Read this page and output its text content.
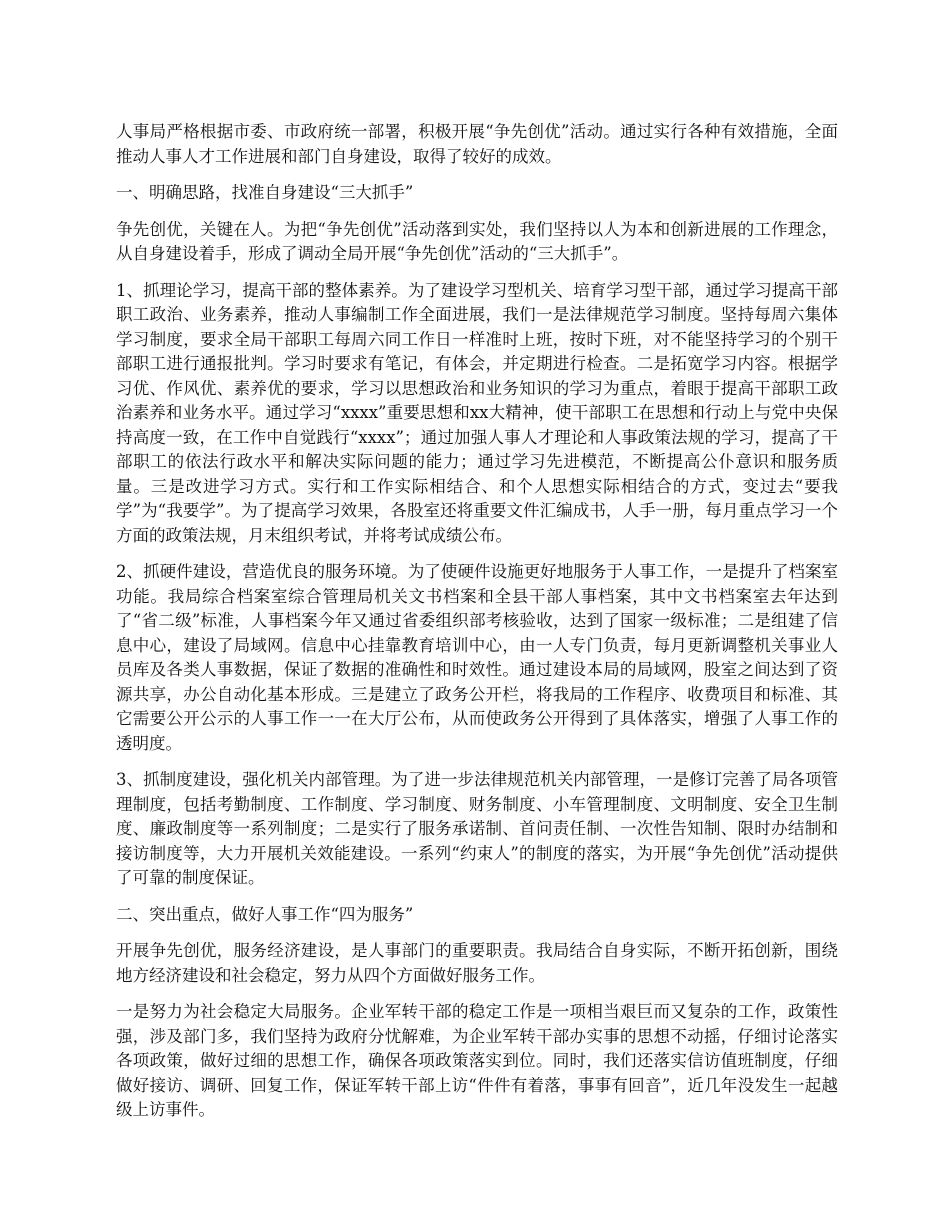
人事局严格根据市委、市政府统一部署，积极开展“争先创优”活动。通过实行各种有效措施，全面推动人事人才工作进展和部门自身建设，取得了较好的成效。

一、明确思路，找准自身建设“三大抓手”

争先创优，关键在人。为把“争先创优”活动落到实处，我们坚持以人为本和创新进展的工作理念，从自身建设着手，形成了调动全局开展“争先创优”活动的“三大抓手”。

1、抓理论学习，提高干部的整体素养。为了建设学习型机关、培育学习型干部，通过学习提高干部职工政治、业务素养，推动人事编制工作全面进展，我们一是法律规范学习制度。坚持每周六集体学习制度，要求全局干部职工每周六同工作日一样准时上班，按时下班，对不能坚持学习的个别干部职工进行通报批判。学习时要求有笔记，有体会，并定期进行检查。二是拓宽学习内容。根据学习优、作风优、素养优的要求，学习以思想政治和业务知识的学习为重点，着眼于提高干部职工政治素养和业务水平。通过学习“xxxx”重要思想和xx大精神，使干部职工在思想和行动上与党中央保持高度一致，在工作中自觉践行“xxxx”；通过加强人事人才理论和人事政策法规的学习，提高了干部职工的依法行政水平和解决实际问题的能力；通过学习先进模范，不断提高公仆意识和服务质量。三是改进学习方式。实行和工作实际相结合、和个人思想实际相结合的方式，变过去“要我学”为“我要学”。为了提高学习效果，各股室还将重要文件汇编成书，人手一册，每月重点学习一个方面的政策法规，月末组织考试，并将考试成绩公布。

2、抓硬件建设，营造优良的服务环境。为了使硬件设施更好地服务于人事工作，一是提升了档案室功能。我局综合档案室综合管理局机关文书档案和全县干部人事档案，其中文书档案室去年达到了“省二级”标准，人事档案今年又通过省委组织部考核验收，达到了国家一级标准；二是组建了信息中心，建设了局域网。信息中心挂靠教育培训中心，由一人专门负责，每月更新调整机关事业人员库及各类人事数据，保证了数据的准确性和时效性。通过建设本局的局域网，股室之间达到了资源共享，办公自动化基本形成。三是建立了政务公开栏，将我局的工作程序、收费项目和标准、其它需要公开公示的人事工作一一在大厅公布，从而使政务公开得到了具体落实，增强了人事工作的透明度。

3、抓制度建设，强化机关内部管理。为了进一步法律规范机关内部管理，一是修订完善了局各项管理制度，包括考勤制度、工作制度、学习制度、财务制度、小车管理制度、文明制度、安全卫生制度、廉政制度等一系列制度；二是实行了服务承诺制、首问责任制、一次性告知制、限时办结制和接访制度等，大力开展机关效能建设。一系列“约束人”的制度的落实，为开展“争先创优”活动提供了可靠的制度保证。

二、突出重点，做好人事工作“四为服务”

开展争先创优，服务经济建设，是人事部门的重要职责。我局结合自身实际，不断开拓创新，围绕地方经济建设和社会稳定，努力从四个方面做好服务工作。

一是努力为社会稳定大局服务。企业军转干部的稳定工作是一项相当艰巨而又复杂的工作，政策性强，涉及部门多，我们坚持为政府分忧解难，为企业军转干部办实事的思想不动摇，仔细讨论落实各项政策，做好过细的思想工作，确保各项政策落实到位。同时，我们还落实信访值班制度，仔细做好接访、调研、回复工作，保证军转干部上访“件件有着落，事事有回音”，近几年没发生一起越级上访事件。
